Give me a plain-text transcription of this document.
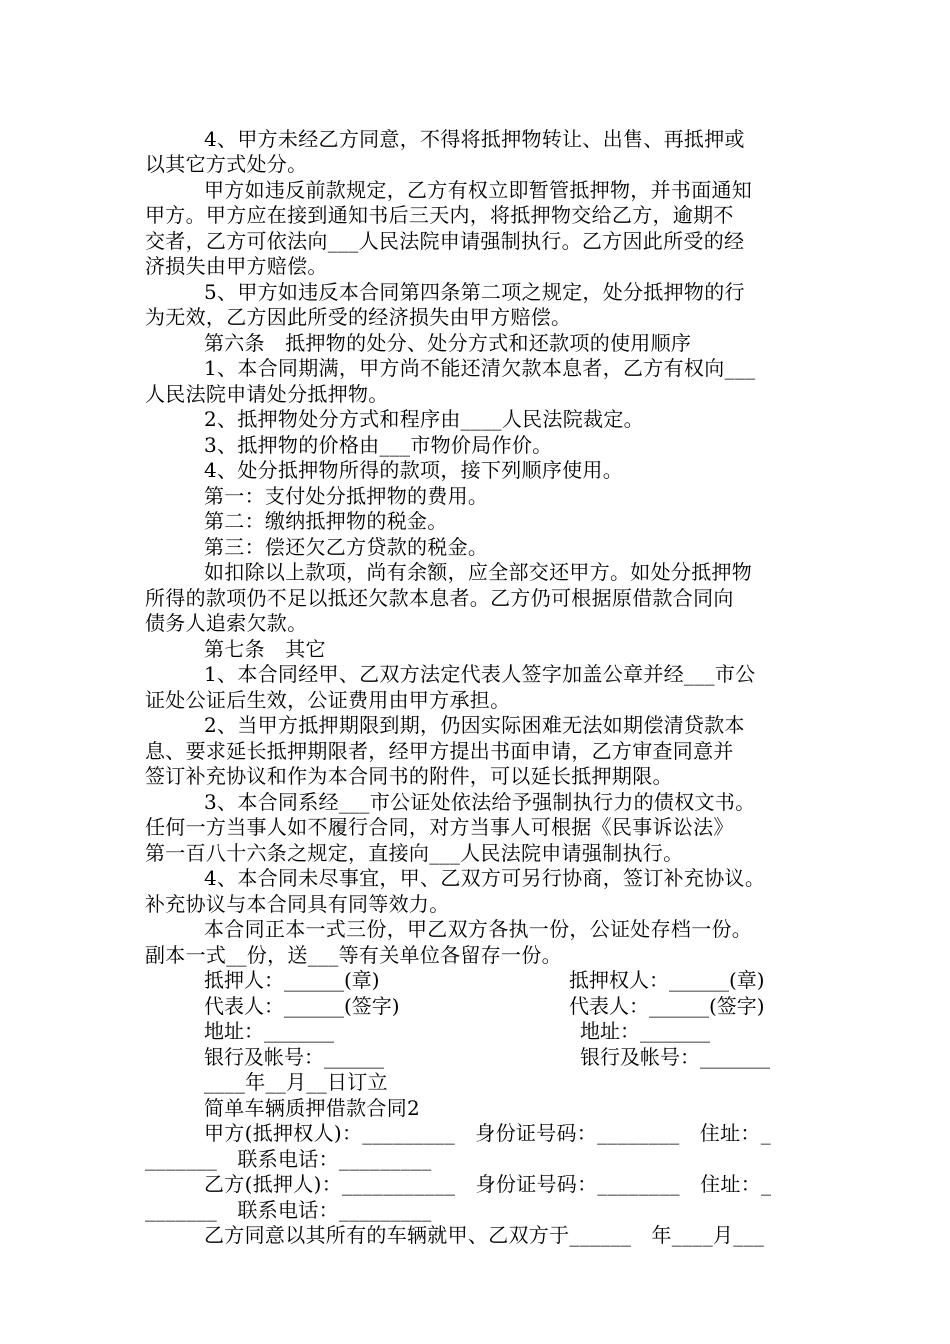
4、甲方未经乙方同意，不得将抵押物转让、出售、再抵押或
以其它方式处分。
甲方如违反前款规定，乙方有权立即暂管抵押物，并书面通知
甲方。甲方应在接到通知书后三天内，将抵押物交给乙方，逾期不
交者，乙方可依法向___人民法院申请强制执行。乙方因此所受的经
济损失由甲方赔偿。
5、甲方如违反本合同第四条第二项之规定，处分抵押物的行
为无效，乙方因此所受的经济损失由甲方赔偿。
第六条　抵押物的处分、处分方式和还款项的使用顺序
1、本合同期满，甲方尚不能还清欠款本息者，乙方有权向___
人民法院申请处分抵押物。
2、抵押物处分方式和程序由____人民法院裁定。
3、抵押物的价格由___市物价局作价。
4、处分抵押物所得的款项，接下列顺序使用。
第一：支付处分抵押物的费用。
第二：缴纳抵押物的税金。
第三：偿还欠乙方贷款的税金。
如扣除以上款项，尚有余额，应全部交还甲方。如处分抵押物
所得的款项仍不足以抵还欠款本息者。乙方仍可根据原借款合同向
债务人追索欠款。
第七条　其它
1、本合同经甲、乙双方法定代表人签字加盖公章并经___市公
证处公证后生效，公证费用由甲方承担。
2、当甲方抵押期限到期，仍因实际困难无法如期偿清贷款本
息、要求延长抵押期限者，经甲方提出书面申请，乙方审查同意并
签订补充协议和作为本合同书的附件，可以延长抵押期限。
3、本合同系经___市公证处依法给予强制执行力的债权文书。
任何一方当事人如不履行合同，对方当事人可根据《民事诉讼法》
第一百八十六条之规定，直接向___人民法院申请强制执行。
4、本合同未尽事宜，甲、乙双方可另行协商，签订补充协议。
补充协议与本合同具有同等效力。
本合同正本一式三份，甲乙双方各执一份，公证处存档一份。
副本一式__份，送___等有关单位各留存一份。
抵押人：______(章)
代表人：______(签字)
地址：_______
银行及帐号：______
抵押权人：______(章)
代表人：______(签字)
地址：_______
银行及帐号：_______
____年__月__日订立
简单车辆质押借款合同2
甲方(抵押权人)：_________　身份证号码：________　住址：_
_______　联系电话：_________
乙方(抵押人)：___________　身份证号码：________　住址：_
_______　联系电话：_________
乙方同意以其所有的车辆就甲、乙双方于______　年____月___
